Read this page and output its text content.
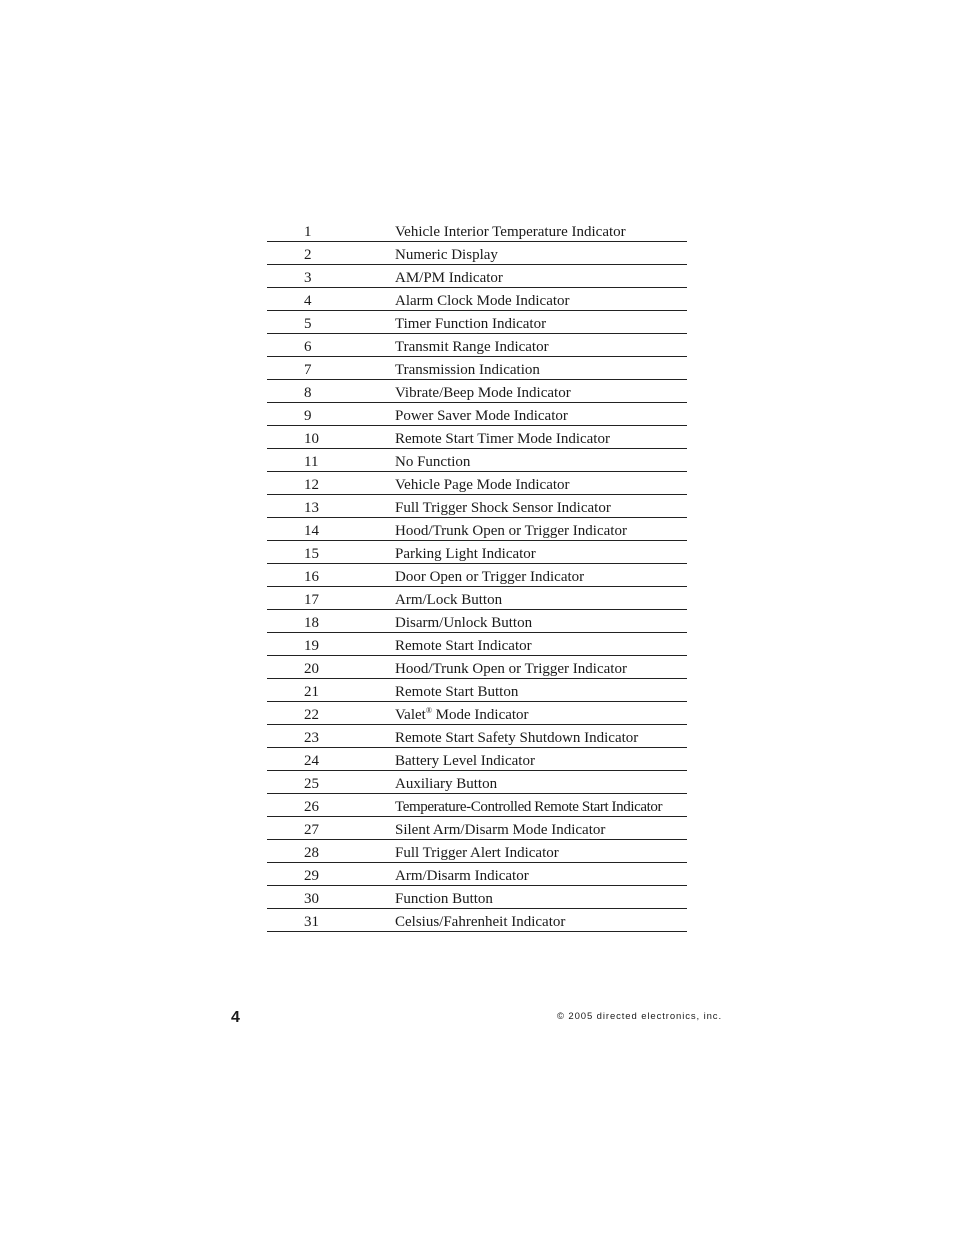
1	Vehicle Interior Temperature Indicator
2	Numeric Display
3	AM/PM Indicator
4	Alarm Clock Mode Indicator
5	Timer Function Indicator
6	Transmit Range Indicator
7	Transmission Indication
8	Vibrate/Beep Mode Indicator
9	Power Saver Mode Indicator
10	Remote Start Timer Mode Indicator
11	No Function
12	Vehicle Page Mode Indicator
13	Full Trigger Shock Sensor Indicator
14	Hood/Trunk Open or Trigger Indicator
15	Parking Light Indicator
16	Door Open or Trigger Indicator
17	Arm/Lock Button
18	Disarm/Unlock Button
19	Remote Start Indicator
20	Hood/Trunk Open or Trigger Indicator
21	Remote Start Button
22	Valet® Mode Indicator
23	Remote Start Safety Shutdown Indicator
24	Battery Level Indicator
25	Auxiliary Button
26	Temperature-Controlled Remote Start Indicator
27	Silent Arm/Disarm Mode Indicator
28	Full Trigger Alert Indicator
29	Arm/Disarm Indicator
30	Function Button
31	Celsius/Fahrenheit Indicator
4	© 2005 directed electronics, inc.
